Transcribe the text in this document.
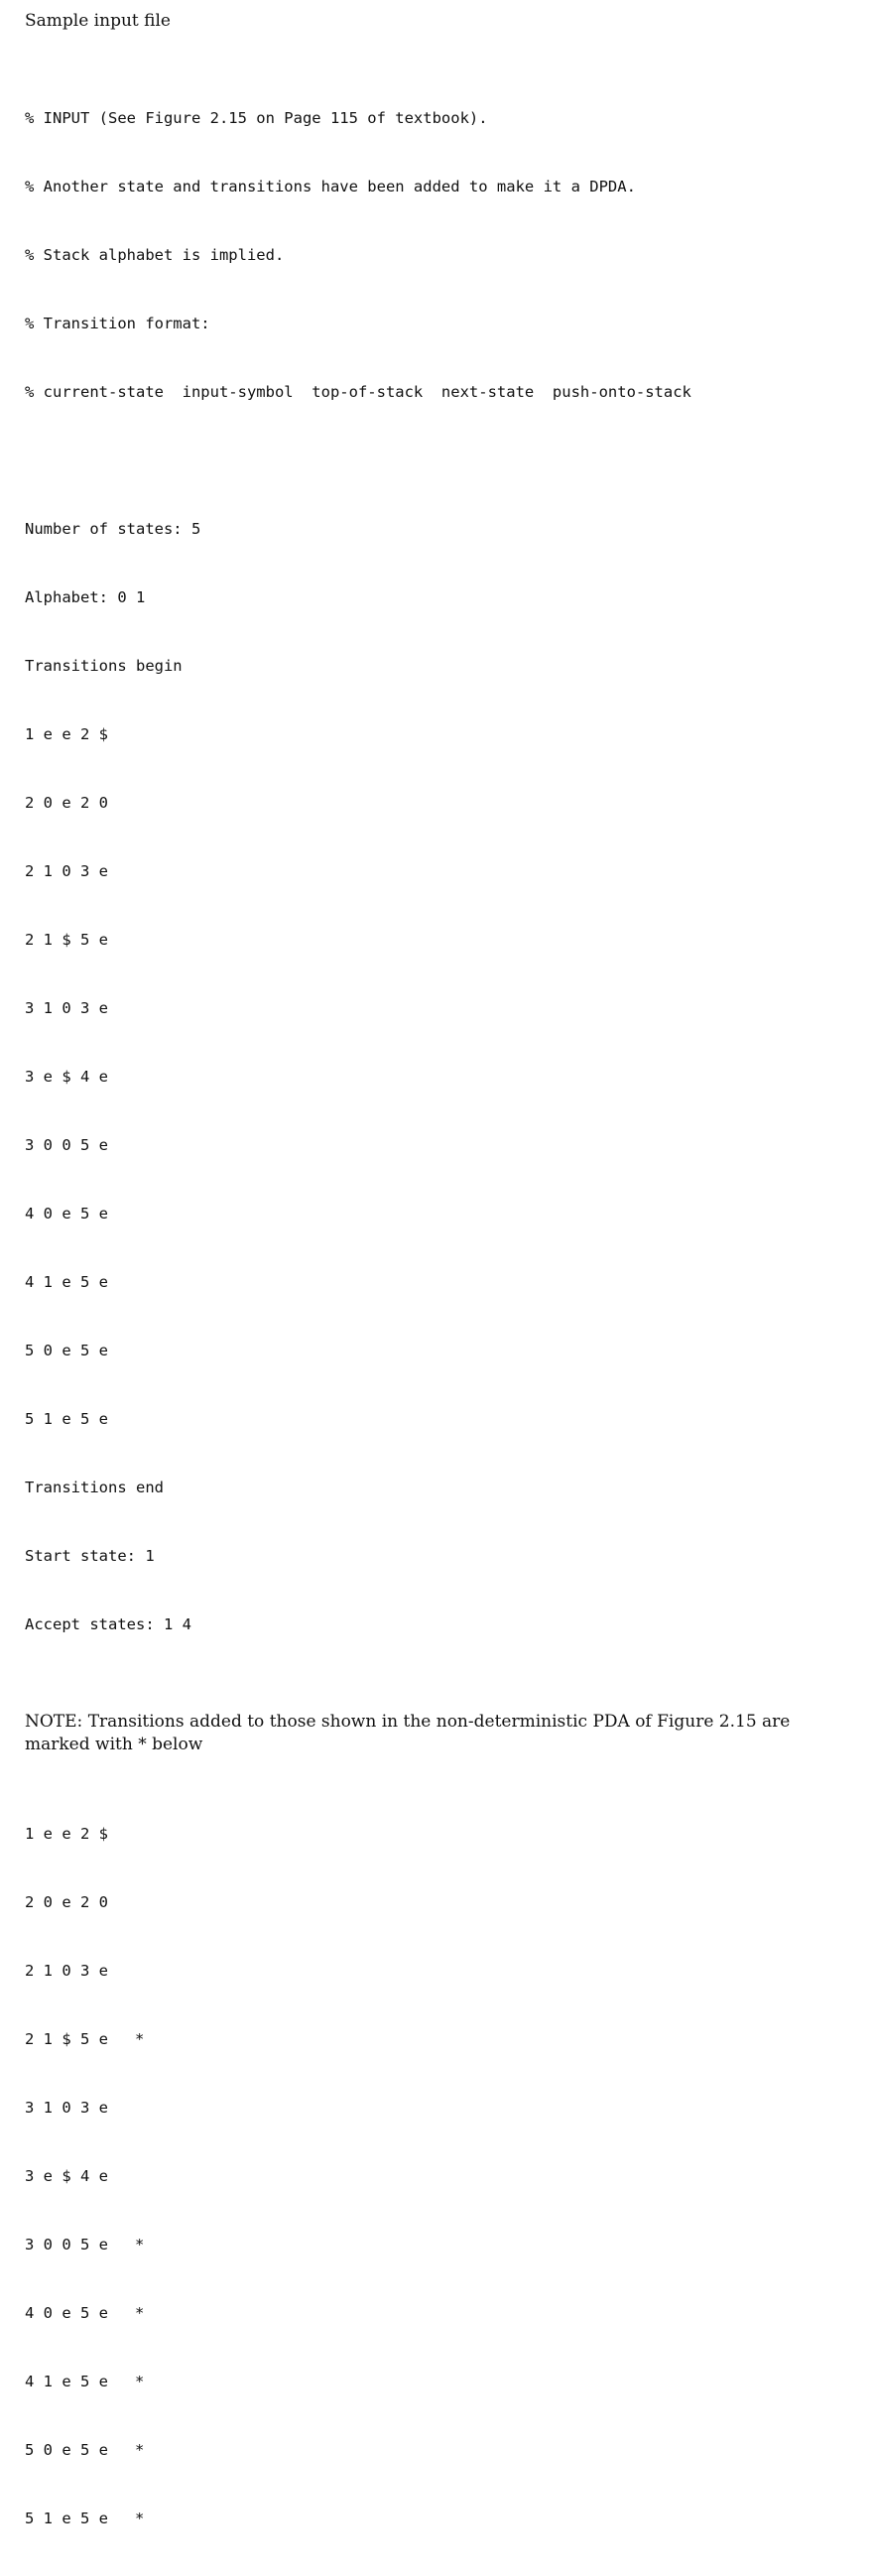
Sample input file

% INPUT (See Figure 2.15 on Page 115 of textbook).

% Another state and transitions have been added to make it a DPDA.

% Stack alphabet is implied.

% Transition format:

% current-state  input-symbol  top-of-stack  next-state  push-onto-stack

Number of states: 5

Alphabet: 0 1

Transitions begin

1 e e 2 $

2 0 e 2 0

2 1 0 3 e

2 1 $ 5 e

3 1 0 3 e

3 e $ 4 e

3 0 0 5 e

4 0 e 5 e

4 1 e 5 e

5 0 e 5 e

5 1 e 5 e

Transitions end

Start state: 1

Accept states: 1 4

NOTE: Transitions added to those shown in the non-deterministic PDA of Figure 2.15 are marked with * below

1 e e 2 $

2 0 e 2 0

2 1 0 3 e

2 1 $ 5 e *

3 1 0 3 e

3 e $ 4 e

3 0 0 5 e *

4 0 e 5 e *

4 1 e 5 e *

5 0 e 5 e *

5 1 e 5 e *
